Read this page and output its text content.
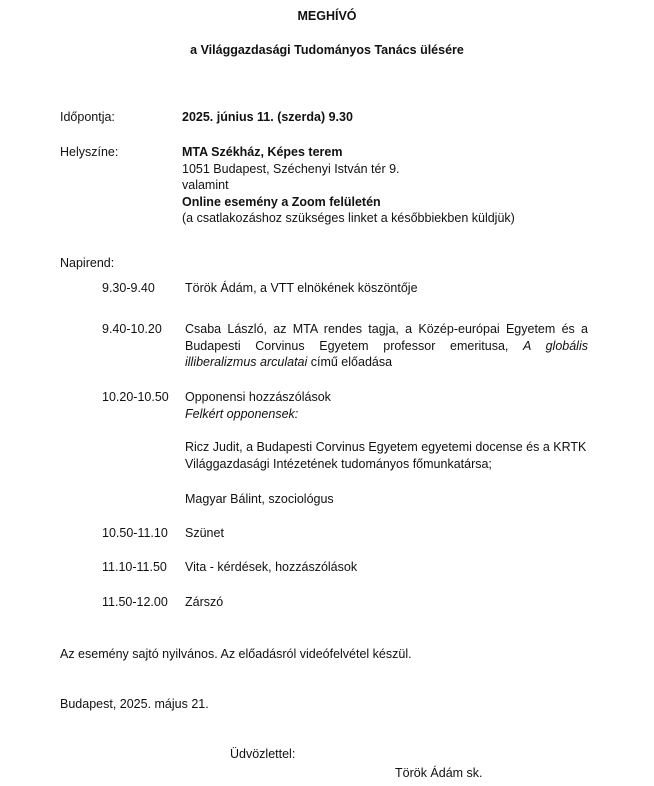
MEGHÍVÓ
a Világgazdasági Tudományos Tanács ülésére
Időpontja:	2025. június 11. (szerda) 9.30
Helyszíne:	MTA Székház, Képes terem
1051 Budapest, Széchenyi István tér 9.
valamint
Online esemény a Zoom felületén
(a csatlakozáshoz szükséges linket a későbbiekben küldjük)
Napirend:
9.30-9.40 Török Ádám, a VTT elnökének köszöntője
9.40-10.20 Csaba László, az MTA rendes tagja, a Közép-európai Egyetem és a Budapesti Corvinus Egyetem professor emeritusa, A globális illiberalizmus arculatai című előadása
10.20-10.50 Opponensi hozzászólások
Felkért opponensek:
Ricz Judit, a Budapesti Corvinus Egyetem egyetemi docense és a KRTK Világgazdasági Intézetének tudományos főmunkatársa;
Magyar Bálint, szociológus
10.50-11.10 Szünet
11.10-11.50 Vita - kérdések, hozzászólások
11.50-12.00 Zárszó
Az esemény sajtó nyilvános. Az előadásról videófelvétel készül.
Budapest, 2025. május 21.
Üdvözlettel:
Török Ádám sk.
